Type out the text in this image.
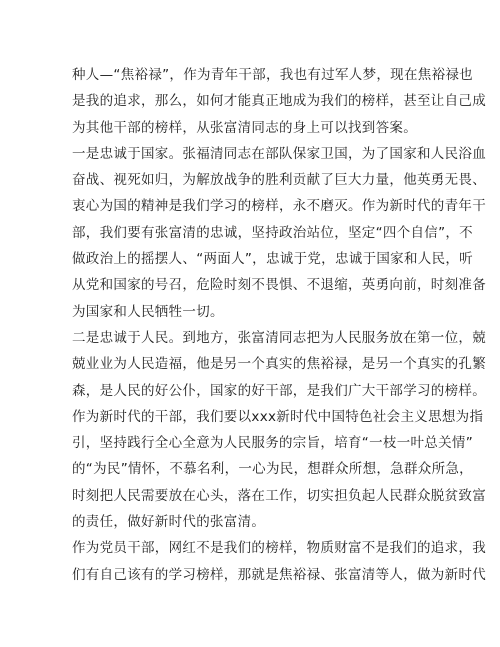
种人—“焦裕禄”，作为青年干部，我也有过军人梦，现在焦裕禄也
是我的追求，那么，如何才能真正地成为我们的榜样，甚至让自己成
为其他干部的榜样，从张富清同志的身上可以找到答案。
一是忠诚于国家。张福清同志在部队保家卫国，为了国家和人民浴血
奋战、视死如归，为解放战争的胜利贡献了巨大力量，他英勇无畏、
衷心为国的精神是我们学习的榜样，永不磨灭。作为新时代的青年干
部，我们要有张富清的忠诚，坚持政治站位，坚定“四个自信”，不
做政治上的摇摆人、“两面人”，忠诚于党，忠诚于国家和人民，听
从党和国家的号召，危险时刻不畏惧、不退缩，英勇向前，时刻准备
为国家和人民牺牲一切。
二是忠诚于人民。到地方，张富清同志把为人民服务放在第一位，兢
兢业业为人民造福，他是另一个真实的焦裕禄，是另一个真实的孔繁
森，是人民的好公仆，国家的好干部，是我们广大干部学习的榜样。
作为新时代的干部，我们要以xxx新时代中国特色社会主义思想为指
引，坚持践行全心全意为人民服务的宗旨，培育“一枝一叶总关情”
的“为民”情怀，不慕名利，一心为民，想群众所想，急群众所急，
时刻把人民需要放在心头，落在工作，切实担负起人民群众脱贫致富
的责任，做好新时代的张富清。
作为党员干部，网红不是我们的榜样，物质财富不是我们的追求，我
们有自己该有的学习榜样，那就是焦裕禄、张富清等人，做为新时代
